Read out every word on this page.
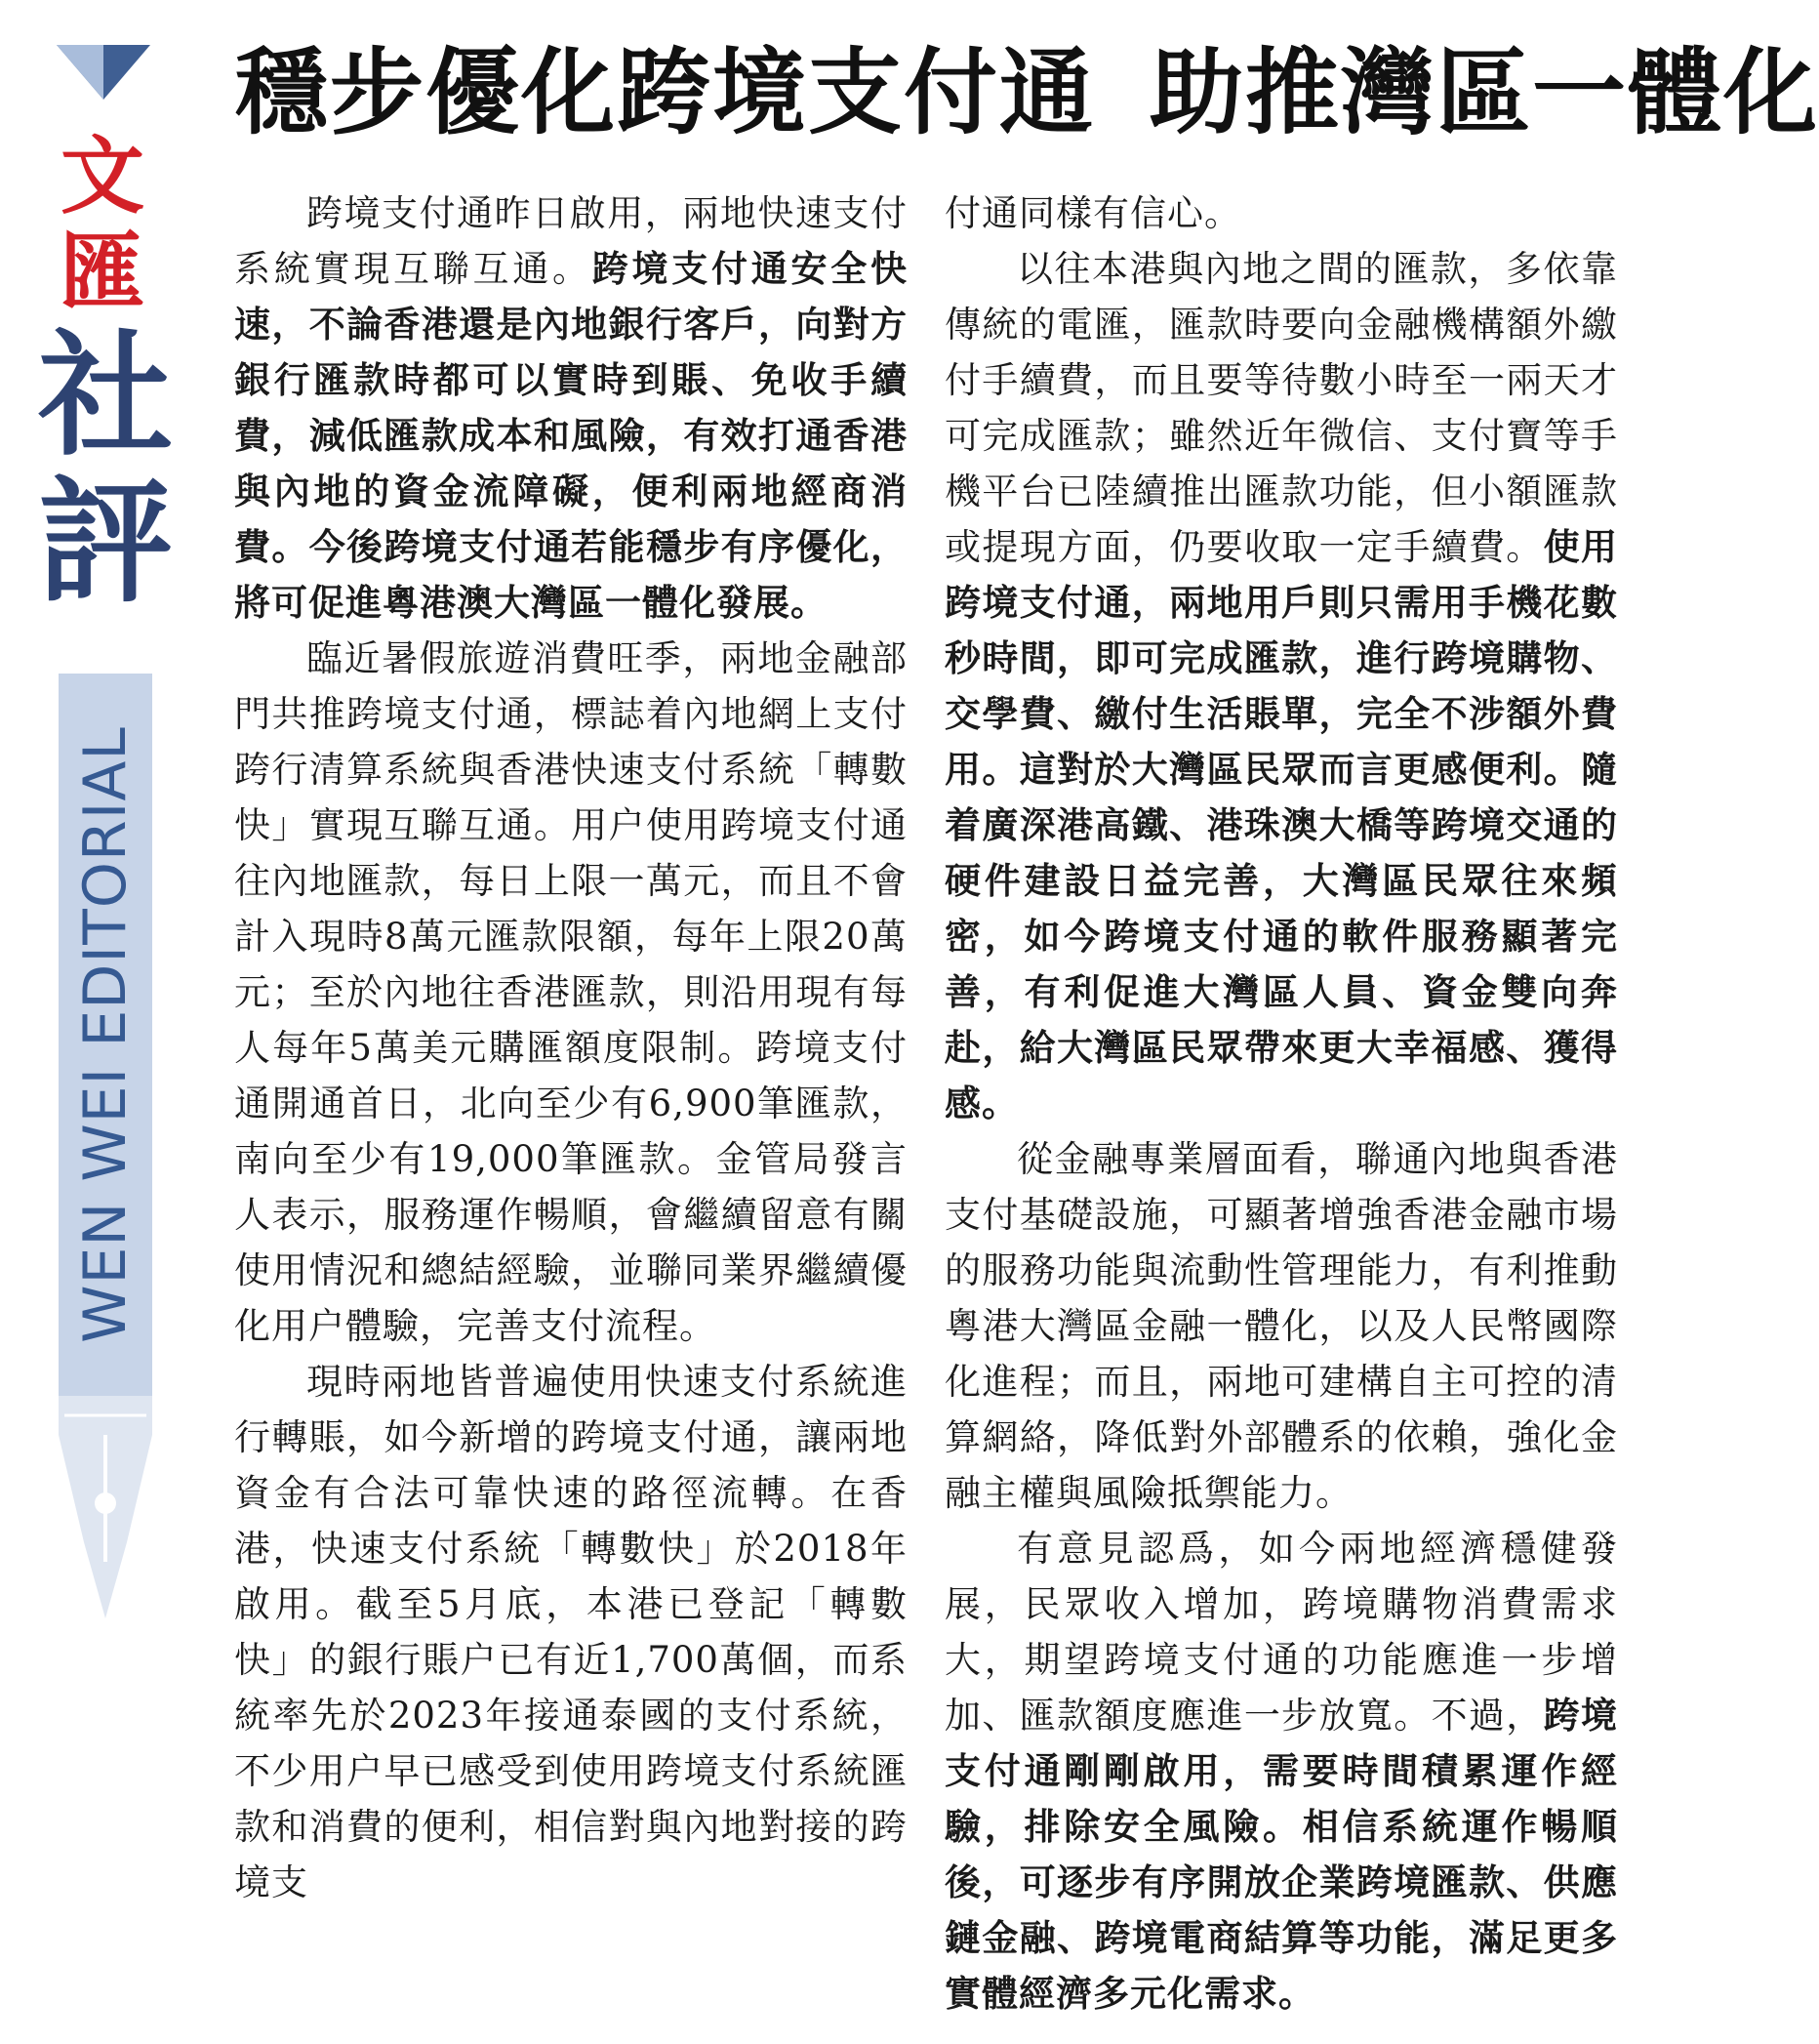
文匯
社評
WEN WEI EDITORIAL
穩步優化跨境支付通 助推灣區一體化

跨境支付通昨日啟用，兩地快速支付系統實現互聯互通。跨境支付通安全快速，不論香港還是內地銀行客戶，向對方銀行匯款時都可以實時到賬、免收手續費，減低匯款成本和風險，有效打通香港與內地的資金流障礙，便利兩地經商消費。今後跨境支付通若能穩步有序優化，將可促進粵港澳大灣區一體化發展。

臨近暑假旅遊消費旺季，兩地金融部門共推跨境支付通，標誌着內地網上支付跨行清算系統與香港快速支付系統「轉數快」實現互聯互通。用户使用跨境支付通往內地匯款，每日上限一萬元，而且不會計入現時8萬元匯款限額，每年上限20萬元；至於內地往香港匯款，則沿用現有每人每年5萬美元購匯額度限制。跨境支付通開通首日，北向至少有6,900筆匯款，南向至少有19,000筆匯款。金管局發言人表示，服務運作暢順，會繼續留意有關使用情況和總結經驗，並聯同業界繼續優化用户體驗，完善支付流程。

現時兩地皆普遍使用快速支付系統進行轉賬，如今新增的跨境支付通，讓兩地資金有合法可靠快速的路徑流轉。在香港，快速支付系統「轉數快」於2018年啟用。截至5月底，本港已登記「轉數快」的銀行賬户已有近1,700萬個，而系統率先於2023年接通泰國的支付系統，不少用户早已感受到使用跨境支付系統匯款和消費的便利，相信對與內地對接的跨境支

付通同樣有信心。

以往本港與內地之間的匯款，多依靠傳統的電匯，匯款時要向金融機構額外繳付手續費，而且要等待數小時至一兩天才可完成匯款；雖然近年微信、支付寶等手機平台已陸續推出匯款功能，但小額匯款或提現方面，仍要收取一定手續費。使用跨境支付通，兩地用戶則只需用手機花數秒時間，即可完成匯款，進行跨境購物、交學費、繳付生活賬單，完全不涉額外費用。這對於大灣區民眾而言更感便利。隨着廣深港高鐵、港珠澳大橋等跨境交通的硬件建設日益完善，大灣區民眾往來頻密，如今跨境支付通的軟件服務顯著完善，有利促進大灣區人員、資金雙向奔赴，給大灣區民眾帶來更大幸福感、獲得感。

從金融專業層面看，聯通內地與香港支付基礎設施，可顯著增強香港金融市場的服務功能與流動性管理能力，有利推動粵港大灣區金融一體化，以及人民幣國際化進程；而且，兩地可建構自主可控的清算網絡，降低對外部體系的依賴，強化金融主權與風險抵禦能力。

有意見認爲，如今兩地經濟穩健發展，民眾收入增加，跨境購物消費需求大，期望跨境支付通的功能應進一步增加、匯款額度應進一步放寬。不過，跨境支付通剛剛啟用，需要時間積累運作經驗，排除安全風險。相信系統運作暢順後，可逐步有序開放企業跨境匯款、供應鏈金融、跨境電商結算等功能，滿足更多實體經濟多元化需求。
